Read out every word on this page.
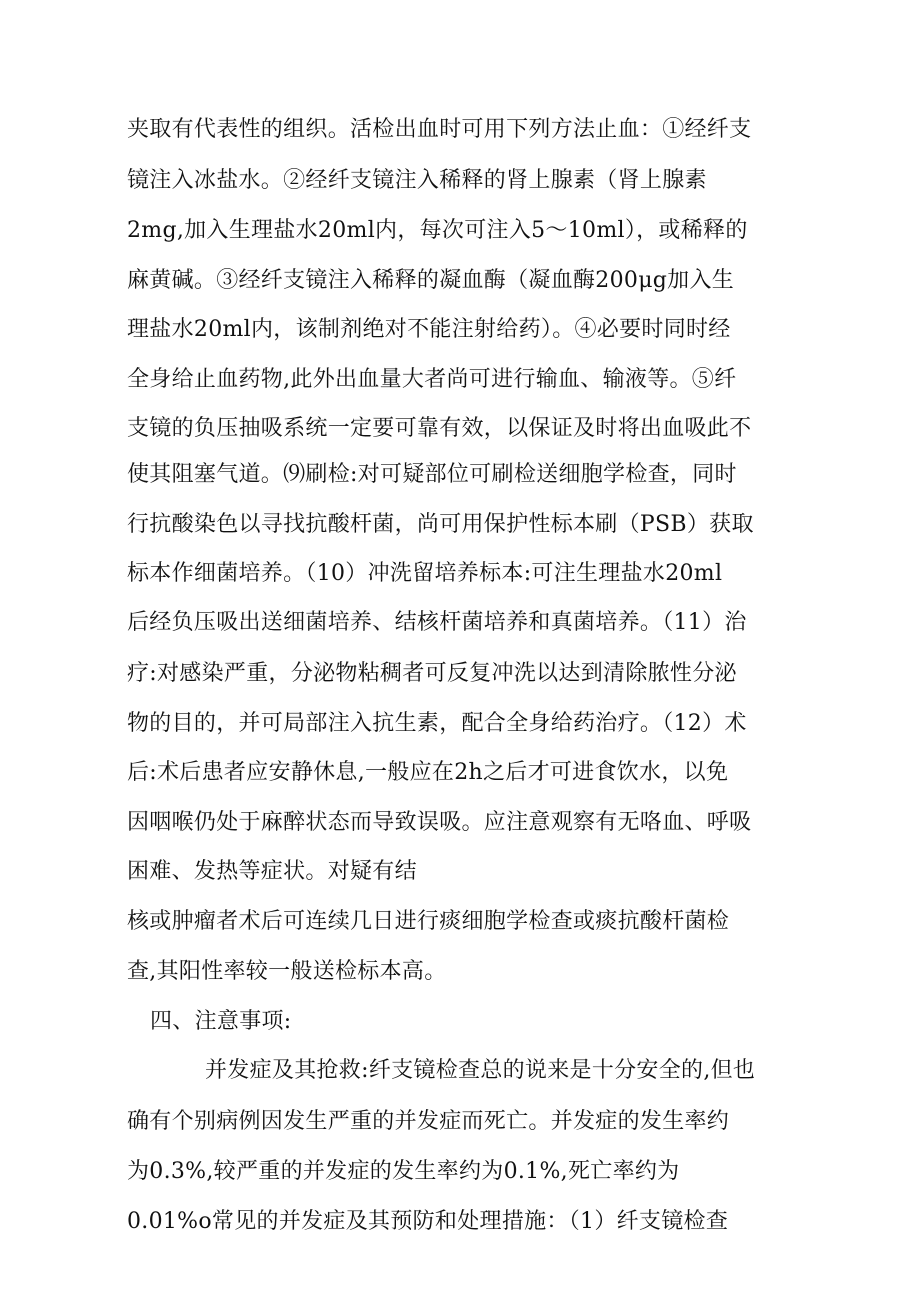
夹取有代表性的组织。活检出血时可用下列方法止血：①经纤支
镜注入冰盐水。②经纤支镜注入稀释的肾上腺素（肾上腺素
2mg,加入生理盐水20ml内，每次可注入5～10ml），或稀释的
麻黄碱。③经纤支镜注入稀释的凝血酶（凝血酶200μg加入生
理盐水20ml内，该制剂绝对不能注射给药）。④必要时同时经
全身给止血药物,此外出血量大者尚可进行输血、输液等。⑤纤
支镜的负压抽吸系统一定要可靠有效，以保证及时将出血吸此不
使其阻塞气道。⑼刷检:对可疑部位可刷检送细胞学检查，同时
行抗酸染色以寻找抗酸杆菌，尚可用保护性标本刷（PSB）获取
标本作细菌培养。（10）冲洗留培养标本:可注生理盐水20ml
后经负压吸出送细菌培养、结核杆菌培养和真菌培养。（11）治
疗:对感染严重，分泌物粘稠者可反复冲洗以达到清除脓性分泌
物的目的，并可局部注入抗生素，配合全身给药治疗。（12）术
后:术后患者应安静休息,一般应在2h之后才可进食饮水，以免
因咽喉仍处于麻醉状态而导致误吸。应注意观察有无咯血、呼吸
困难、发热等症状。对疑有结
核或肿瘤者术后可连续几日进行痰细胞学检查或痰抗酸杆菌检
查,其阳性率较一般送检标本高。
四、注意事项:
并发症及其抢救:纤支镜检查总的说来是十分安全的,但也
确有个别病例因发生严重的并发症而死亡。并发症的发生率约
为0.3%,较严重的并发症的发生率约为0.1%,死亡率约为
0.01%o常见的并发症及其预防和处理措施：（1）纤支镜检查
